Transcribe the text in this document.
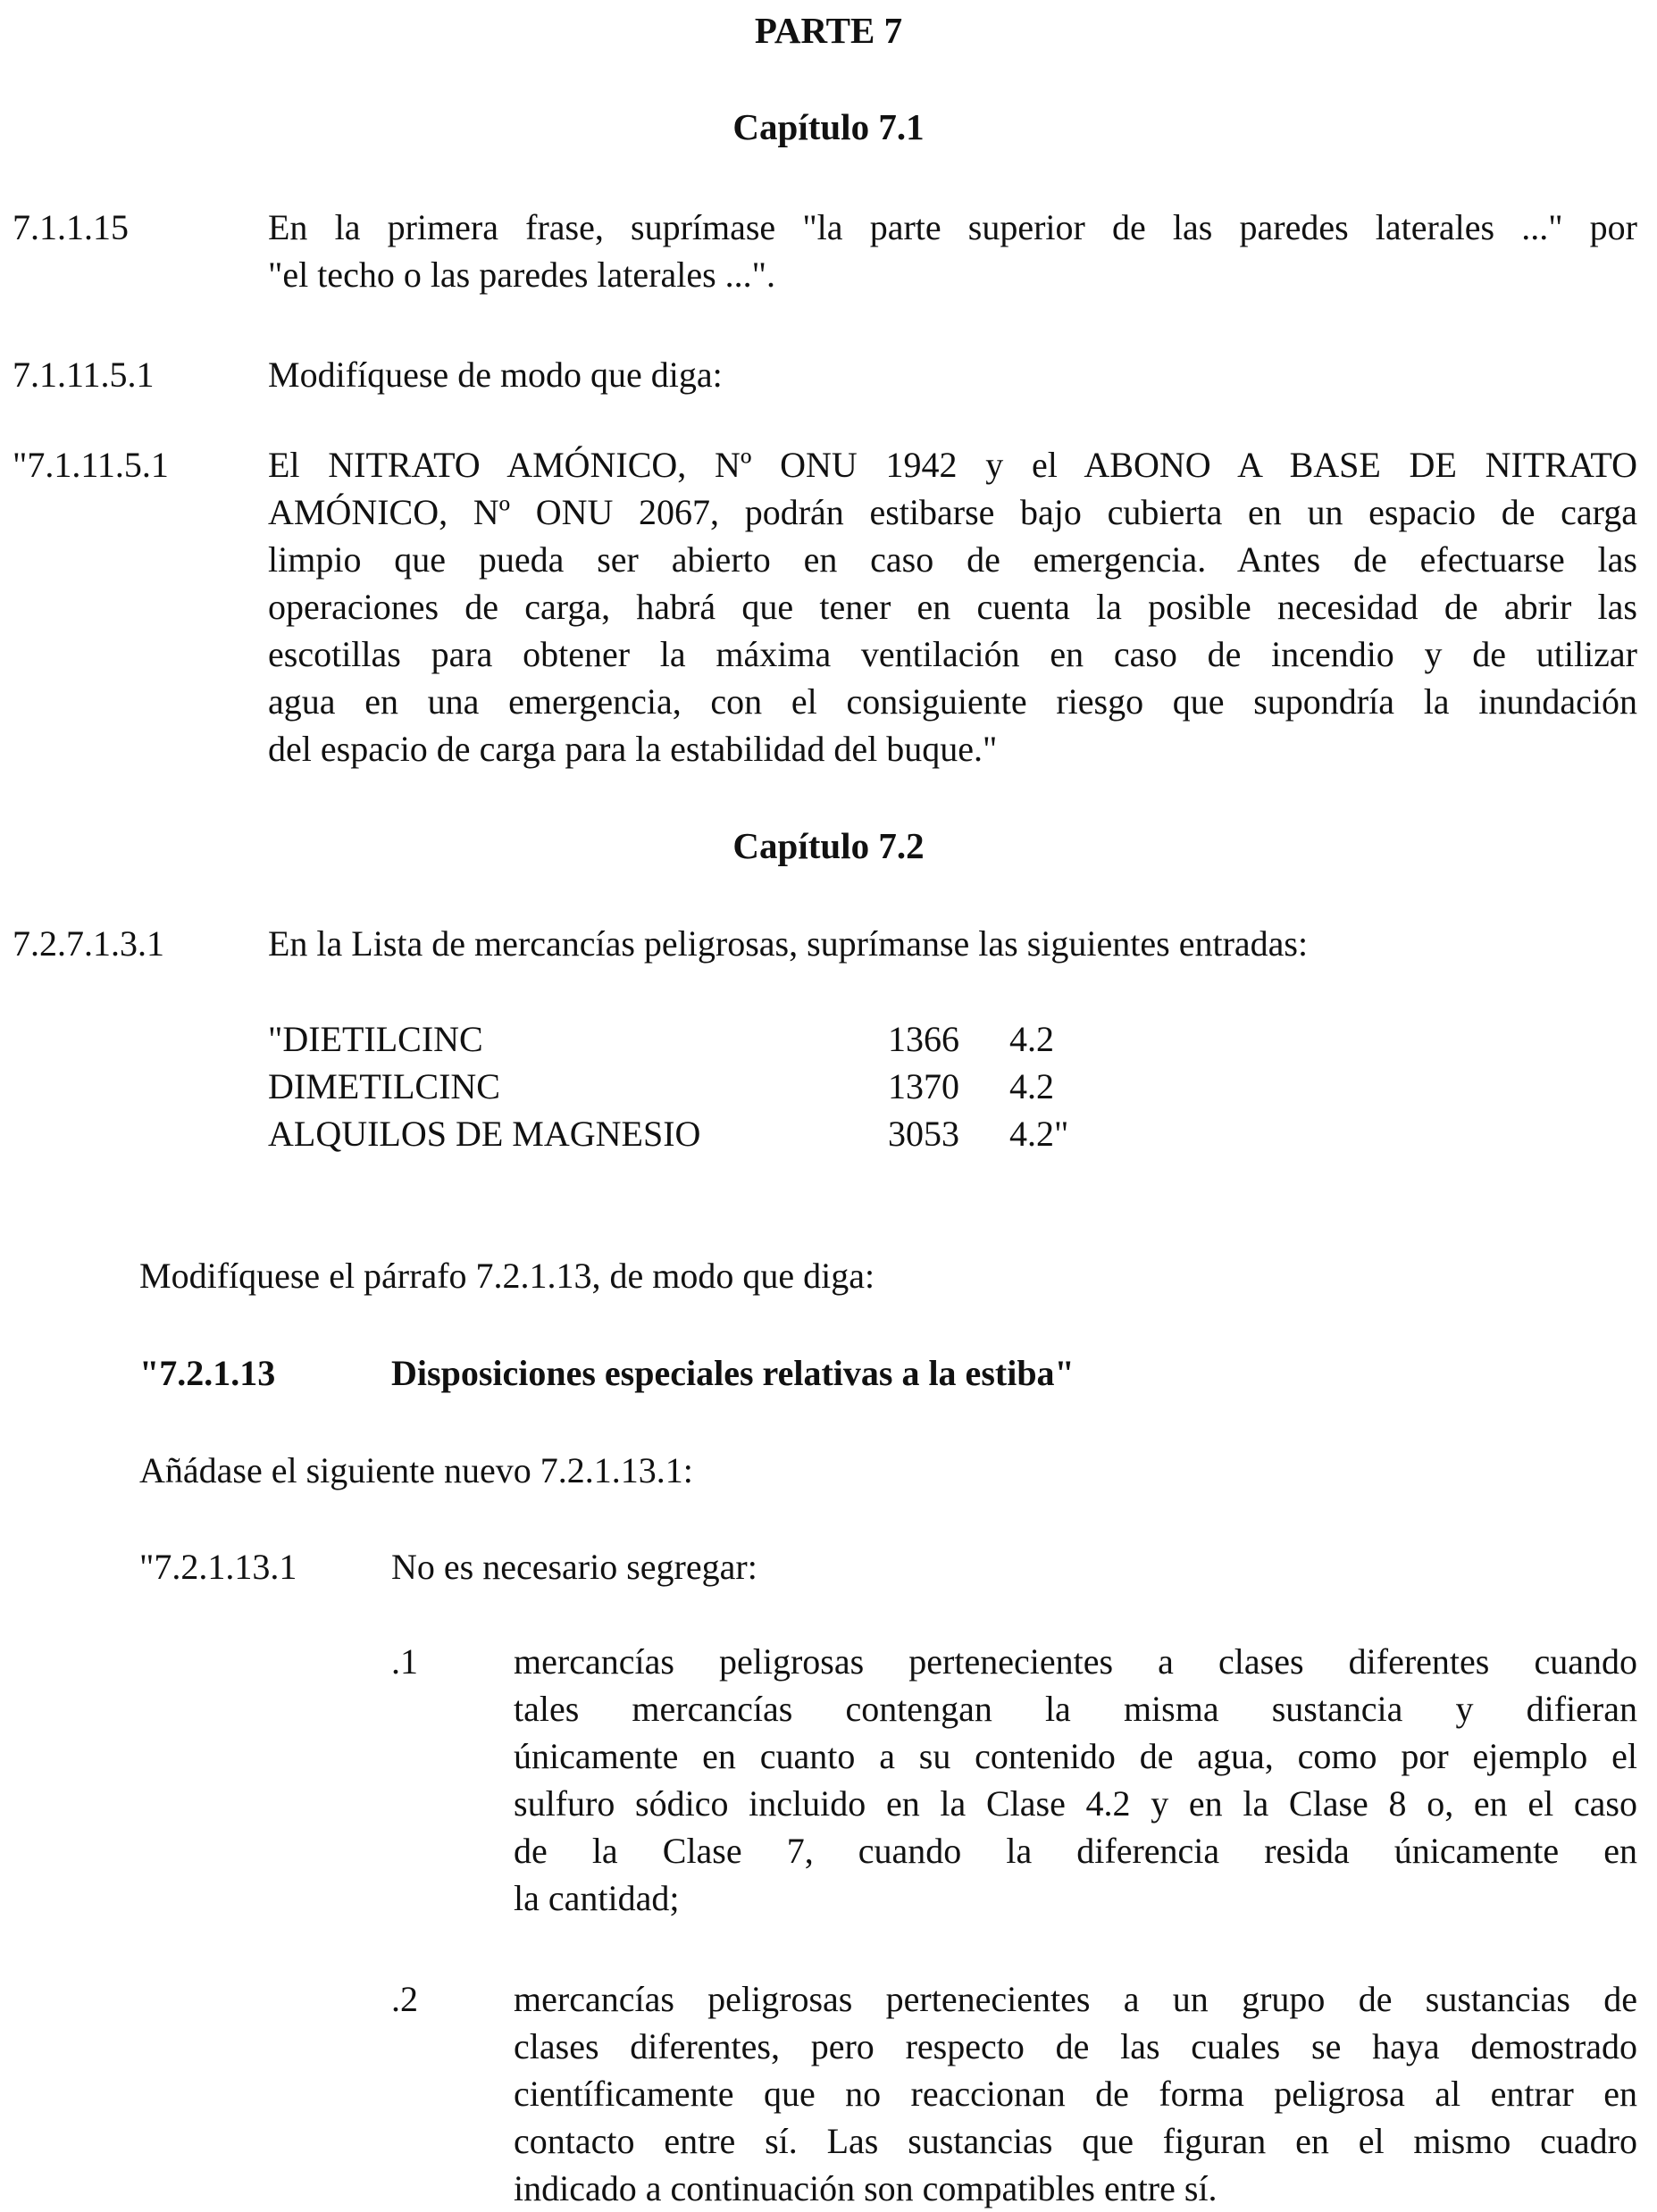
PARTE 7
Capítulo 7.1
7.1.1.15	En la primera frase, suprímase "la parte superior de las paredes laterales ..." por
"el techo o las paredes laterales ...".
7.1.11.5.1	Modifíquese de modo que diga:
"7.1.11.5.1	El NITRATO AMÓNICO, Nº ONU 1942 y el ABONO A BASE DE NITRATO
AMÓNICO, Nº ONU 2067, podrán estibarse bajo cubierta en un espacio de carga
limpio que pueda ser abierto en caso de emergencia. Antes de efectuarse las
operaciones de carga, habrá que tener en cuenta la posible necesidad de abrir las
escotillas para obtener la máxima ventilación en caso de incendio y de utilizar
agua en una emergencia, con el consiguiente riesgo que supondría la inundación
del espacio de carga para la estabilidad del buque."
Capítulo 7.2
7.2.7.1.3.1	En la Lista de mercancías peligrosas, suprímanse las siguientes entradas:
"DIETILCINC	1366 4.2
DIMETILCINC	1370 4.2
ALQUILOS DE MAGNESIO	3053 4.2"
Modifíquese el párrafo 7.2.1.13, de modo que diga:
"7.2.1.13	Disposiciones especiales relativas a la estiba"
Añádase el siguiente nuevo 7.2.1.13.1:
"7.2.1.13.1	No es necesario segregar:
.1	mercancías peligrosas pertenecientes a clases diferentes cuando
tales mercancías contengan la misma sustancia y difieran
únicamente en cuanto a su contenido de agua, como por ejemplo el
sulfuro sódico incluido en la Clase 4.2 y en la Clase 8 o, en el caso
de la Clase 7, cuando la diferencia resida únicamente en
la cantidad;
.2	mercancías peligrosas pertenecientes a un grupo de sustancias de
clases diferentes, pero respecto de las cuales se haya demostrado
científicamente que no reaccionan de forma peligrosa al entrar en
contacto entre sí. Las sustancias que figuran en el mismo cuadro
indicado a continuación son compatibles entre sí.
